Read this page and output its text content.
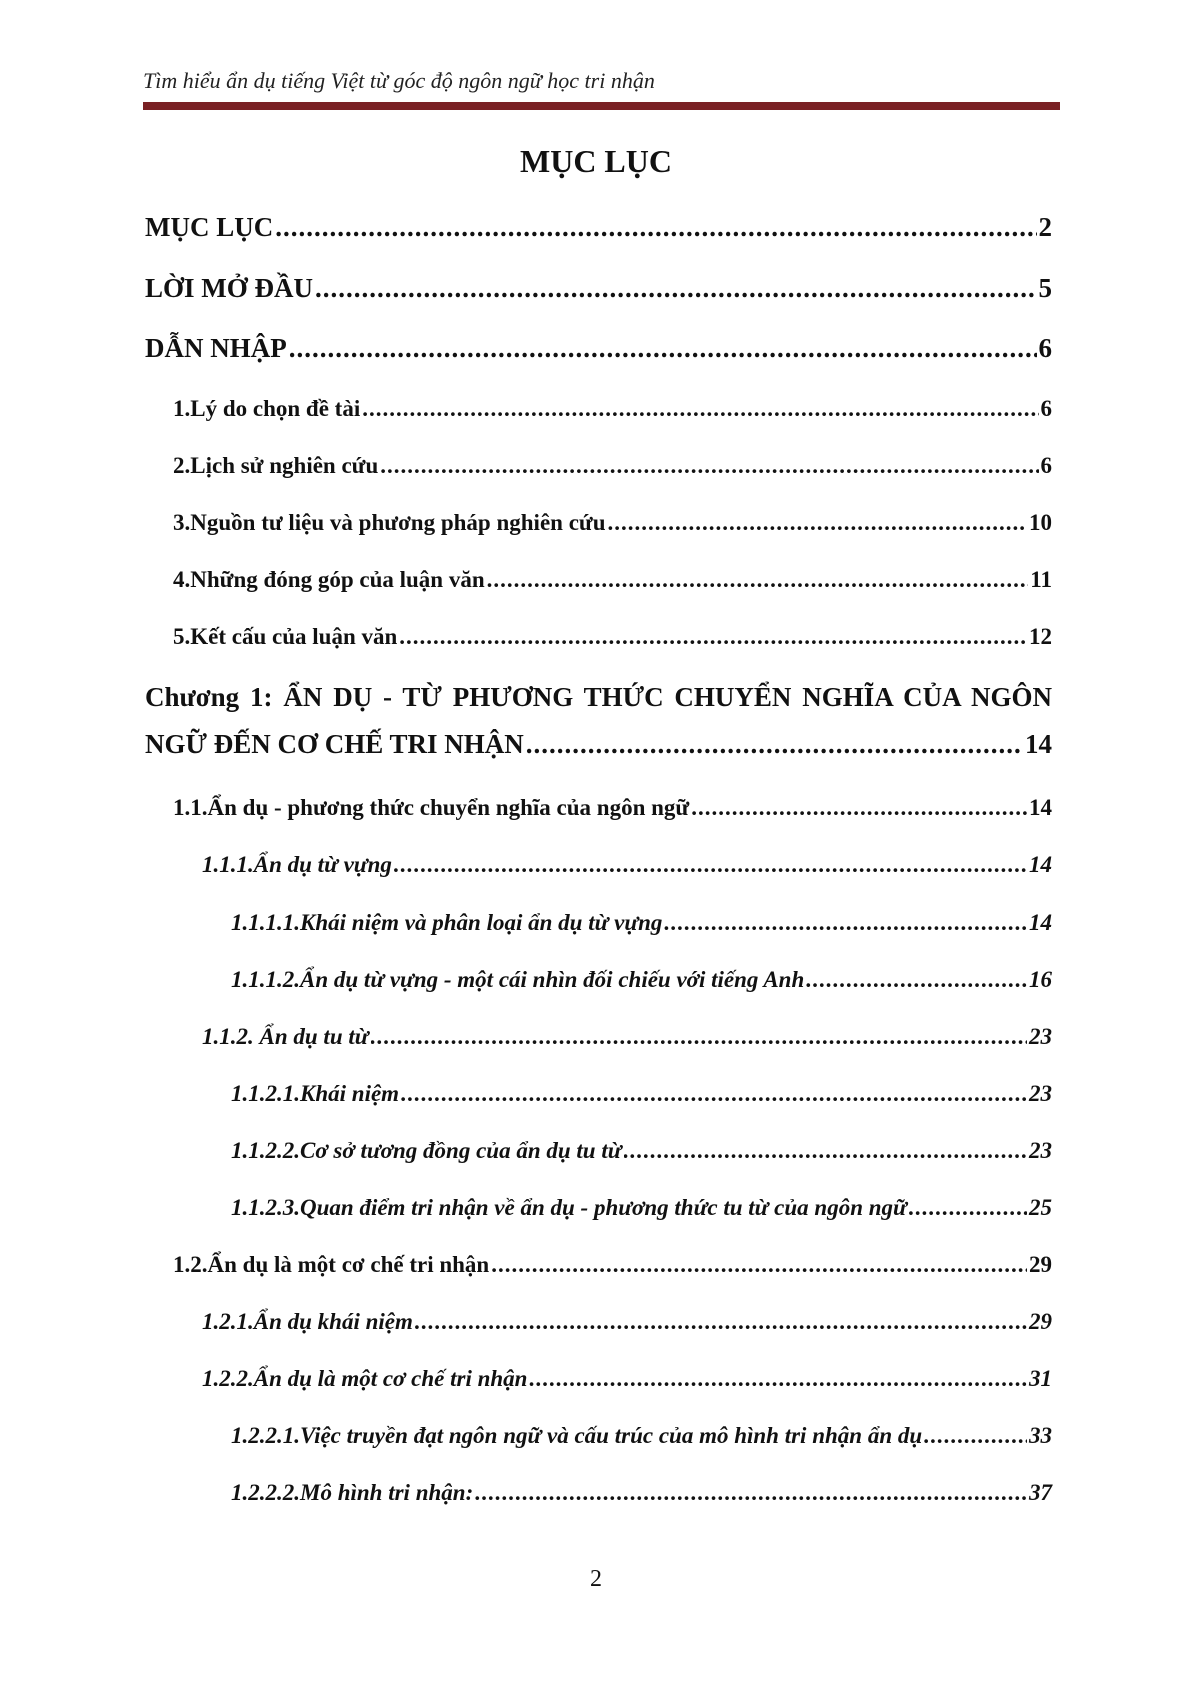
Tìm hiểu ẩn dụ tiếng Việt từ góc độ ngôn ngữ học tri nhận
MỤC LỤC
MỤC LỤC .....	2
LỜI MỞ ĐẦU .....	5
DẪN NHẬP .....	6
1.Lý do chọn đề tài .....	6
2.Lịch sử nghiên cứu .....	6
3.Nguồn tư liệu và phương pháp nghiên cứu .....	10
4.Những đóng góp của luận văn .....	11
5.Kết cấu của luận văn .....	12
Chương 1: ẨN DỤ - TỪ PHƯƠNG THỨC CHUYỂN NGHĨA CỦA NGÔN
NGỮ ĐẾN CƠ CHẾ TRI NHẬN .....	14
1.1.Ẩn dụ - phương thức chuyển nghĩa của ngôn ngữ .....	14
1.1.1.Ẩn dụ từ vựng .....	14
1.1.1.1.Khái niệm và phân loại ẩn dụ từ vựng .....	14
1.1.1.2.Ẩn dụ từ vựng - một cái nhìn đối chiếu với tiếng Anh .....	16
1.1.2. Ẩn dụ tu từ .....	23
1.1.2.1.Khái niệm .....	23
1.1.2.2.Cơ sở tương đồng của ẩn dụ tu từ .....	23
1.1.2.3.Quan điểm tri nhận về ẩn dụ - phương thức tu từ của ngôn ngữ .....	25
1.2.Ẩn dụ là một cơ chế tri nhận .....	29
1.2.1.Ẩn dụ khái niệm .....	29
1.2.2.Ẩn dụ là một cơ chế tri nhận .....	31
1.2.2.1.Việc truyền đạt ngôn ngữ và cấu trúc của mô hình tri nhận ẩn dụ .....	33
1.2.2.2.Mô hình tri nhận: .....	37
2
